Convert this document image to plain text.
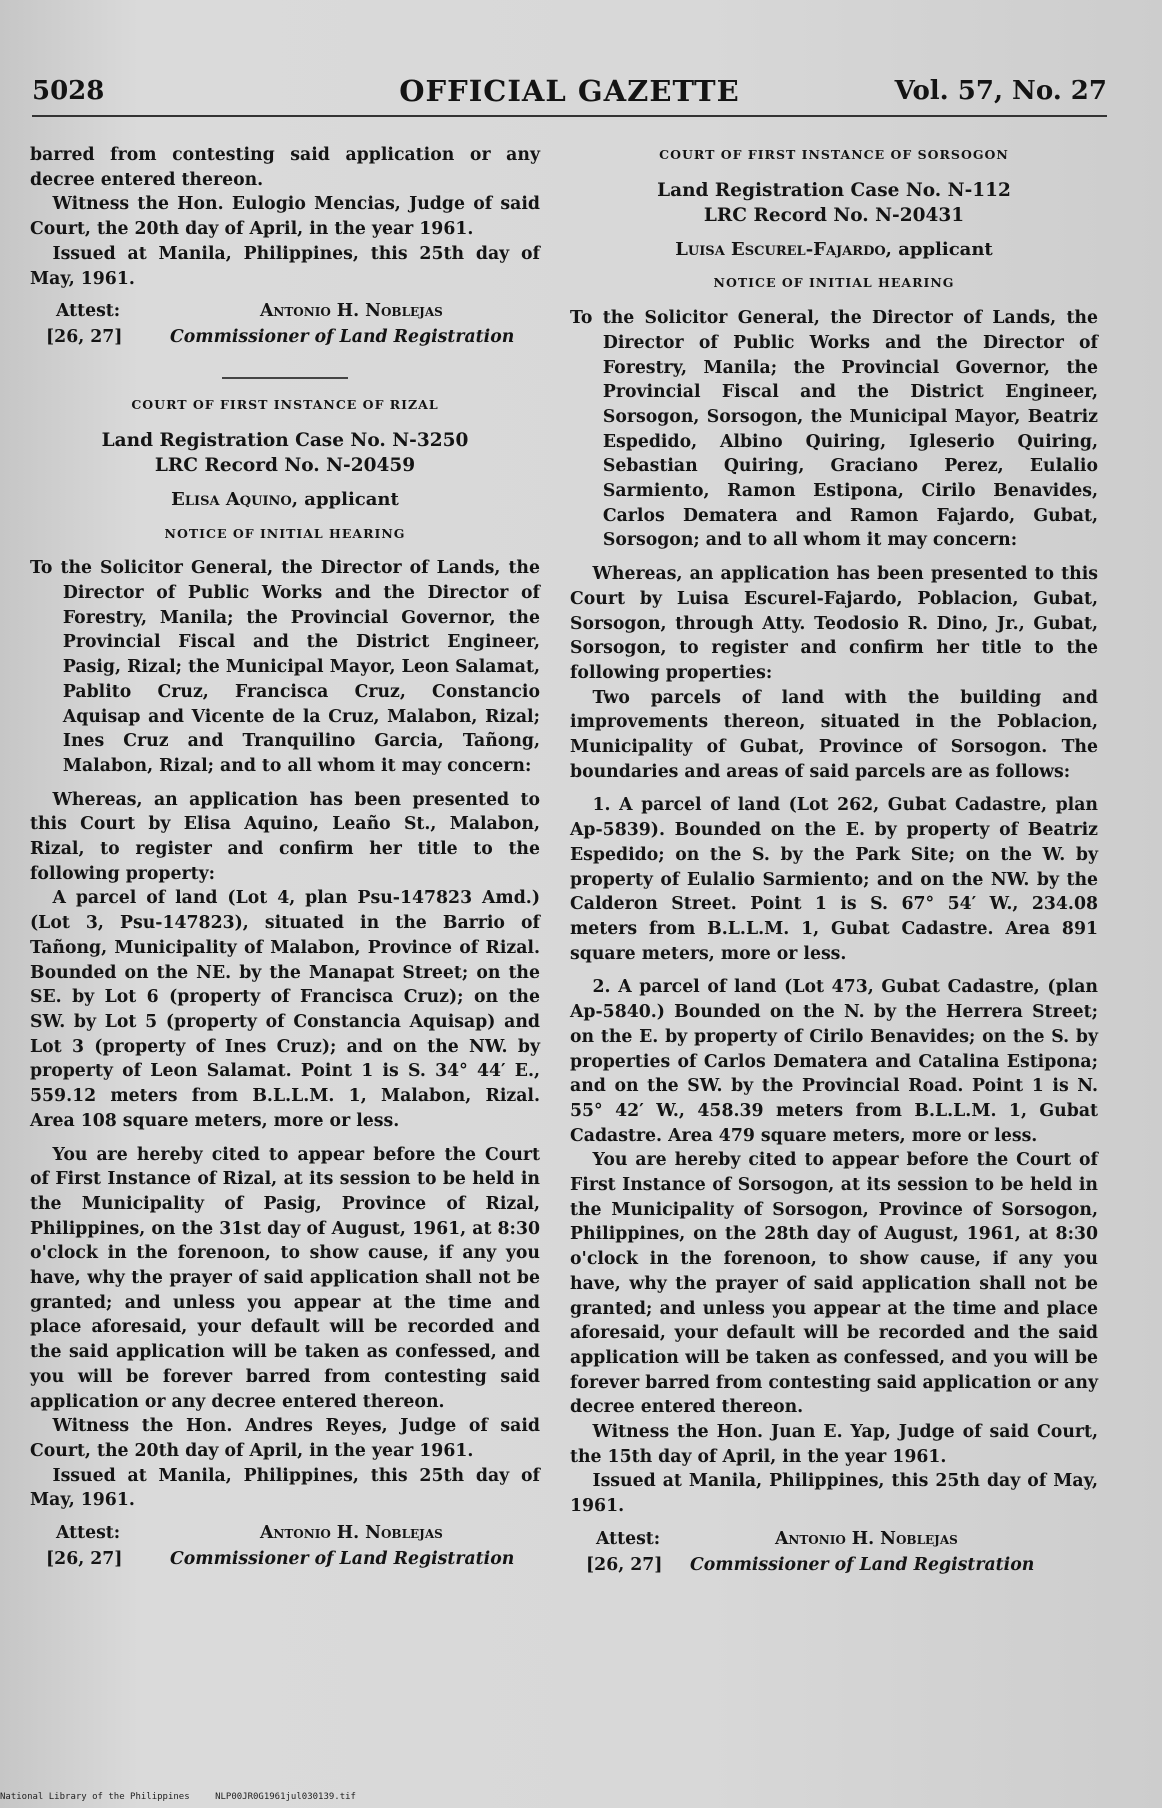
5028	OFFICIAL GAZETTE	Vol. 57, No. 27

barred from contesting said application or any decree entered thereon.

Witness the Hon. Eulogio Mencias, Judge of said Court, the 20th day of April, in the year 1961.

Issued at Manila, Philippines, this 25th day of May, 1961.

Attest:
[26, 27]
Antonio H. Noblejas
Commissioner of Land Registration
COURT OF FIRST INSTANCE OF RIZAL

Land Registration Case No. N-3250

LRC Record No. N-20459

Elisa Aquino, applicant

NOTICE OF INITIAL HEARING

To the Solicitor General, the Director of Lands, the Director of Public Works and the Director of Forestry, Manila; the Provincial Governor, the Provincial Fiscal and the District Engineer, Pasig, Rizal; the Municipal Mayor, Leon Salamat, Pablito Cruz, Francisca Cruz, Constancio Aquisap and Vicente de la Cruz, Malabon, Rizal; Ines Cruz and Tranquilino Garcia, Tañong, Malabon, Rizal; and to all whom it may concern:

Whereas, an application has been presented to this Court by Elisa Aquino, Leaño St., Malabon, Rizal, to register and confirm her title to the following property:

A parcel of land (Lot 4, plan Psu-147823 Amd.) (Lot 3, Psu-147823), situated in the Barrio of Tañong, Municipality of Malabon, Province of Rizal. Bounded on the NE. by the Manapat Street; on the SE. by Lot 6 (property of Francisca Cruz); on the SW. by Lot 5 (property of Constancia Aquisap) and Lot 3 (property of Ines Cruz); and on the NW. by property of Leon Salamat. Point 1 is S. 34° 44′ E., 559.12 meters from B.L.L.M. 1, Malabon, Rizal. Area 108 square meters, more or less.

You are hereby cited to appear before the Court of First Instance of Rizal, at its session to be held in the Municipality of Pasig, Province of Rizal, Philippines, on the 31st day of August, 1961, at 8:30 o'clock in the forenoon, to show cause, if any you have, why the prayer of said application shall not be granted; and unless you appear at the time and place aforesaid, your default will be recorded and the said application will be taken as confessed, and you will be forever barred from contesting said application or any decree entered thereon.

Witness the Hon. Andres Reyes, Judge of said Court, the 20th day of April, in the year 1961.

Issued at Manila, Philippines, this 25th day of May, 1961.

Attest:
[26, 27]
Antonio H. Noblejas
Commissioner of Land Registration
COURT OF FIRST INSTANCE OF SORSOGON

Land Registration Case No. N-112

LRC Record No. N-20431

Luisa Escurel-Fajardo, applicant

NOTICE OF INITIAL HEARING

To the Solicitor General, the Director of Lands, the Director of Public Works and the Director of Forestry, Manila; the Provincial Governor, the Provincial Fiscal and the District Engineer, Sorsogon, Sorsogon, the Municipal Mayor, Beatriz Espedido, Albino Quiring, Igleserio Quiring, Sebastian Quiring, Graciano Perez, Eulalio Sarmiento, Ramon Estipona, Cirilo Benavides, Carlos Dematera and Ramon Fajardo, Gubat, Sorsogon; and to all whom it may concern:

Whereas, an application has been presented to this Court by Luisa Escurel-Fajardo, Poblacion, Gubat, Sorsogon, through Atty. Teodosio R. Dino, Jr., Gubat, Sorsogon, to register and confirm her title to the following properties:

Two parcels of land with the building and improvements thereon, situated in the Poblacion, Municipality of Gubat, Province of Sorsogon. The boundaries and areas of said parcels are as follows:

1. A parcel of land (Lot 262, Gubat Cadastre, plan Ap-5839). Bounded on the E. by property of Beatriz Espedido; on the S. by the Park Site; on the W. by property of Eulalio Sarmiento; and on the NW. by the Calderon Street. Point 1 is S. 67° 54′ W., 234.08 meters from B.L.L.M. 1, Gubat Cadastre. Area 891 square meters, more or less.

2. A parcel of land (Lot 473, Gubat Cadastre, (plan Ap-5840.) Bounded on the N. by the Herrera Street; on the E. by property of Cirilo Benavides; on the S. by properties of Carlos Dematera and Catalina Estipona; and on the SW. by the Provincial Road. Point 1 is N. 55° 42′ W., 458.39 meters from B.L.L.M. 1, Gubat Cadastre. Area 479 square meters, more or less.

You are hereby cited to appear before the Court of First Instance of Sorsogon, at its session to be held in the Municipality of Sorsogon, Province of Sorsogon, Philippines, on the 28th day of August, 1961, at 8:30 o'clock in the forenoon, to show cause, if any you have, why the prayer of said application shall not be granted; and unless you appear at the time and place aforesaid, your default will be recorded and the said application will be taken as confessed, and you will be forever barred from contesting said application or any decree entered thereon.

Witness the Hon. Juan E. Yap, Judge of said Court, the 15th day of April, in the year 1961.

Issued at Manila, Philippines, this 25th day of May, 1961.

Attest:
[26, 27]
Antonio H. Noblejas
Commissioner of Land Registration
National Library of the Philippines	NLP00JR0G1961jul030139.tif
